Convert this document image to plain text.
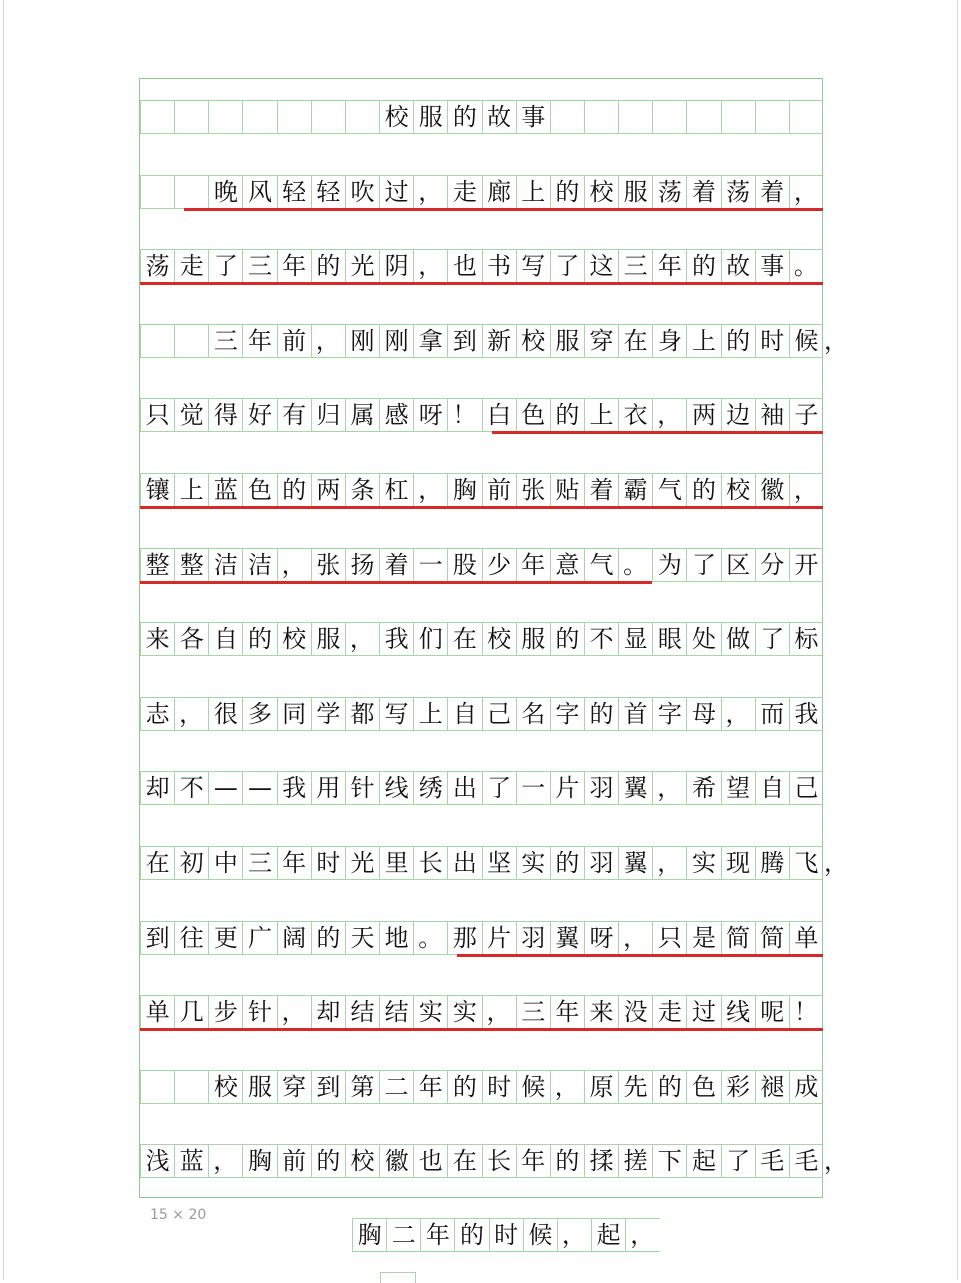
校 服 的 故 事
晚 风 轻 轻 吹 过 ， 走 廊 上 的 校 服 荡 着 荡 着 ，
荡 走 了 三 年 的 光 阴 ， 也 书 写 了 这 三 年 的 故 事 。
三 年 前 ， 刚 刚 拿 到 新 校 服 穿 在 身 上 的 时 候 ，
只 觉 得 好 有 归 属 感 呀 ！ 白 色 的 上 衣 ， 两 边 袖 子
镶 上 蓝 色 的 两 条 杠 ， 胸 前 张 贴 着 霸 气 的 校 徽 ，
整 整 洁 洁 ， 张 扬 着 一 股 少 年 意 气 。 为 了 区 分 开
来 各 自 的 校 服 ， 我 们 在 校 服 的 不 显 眼 处 做 了 标
志 ， 很 多 同 学 都 写 上 自 己 名 字 的 首 字 母 ， 而 我
却 不 — — 我 用 针 线 绣 出 了 一 片 羽 翼 ， 希 望 自 己
在 初 中 三 年 时 光 里 长 出 坚 实 的 羽 翼 ， 实 现 腾 飞 ，
到 往 更 广 阔 的 天 地 。 那 片 羽 翼 呀 ， 只 是 简 简 单
单 几 步 针 ， 却 结 结 实 实 ， 三 年 来 没 走 过 线 呢 ！
校 服 穿 到 第 二 年 的 时 候 ， 原 先 的 色 彩 褪 成
浅 蓝 ， 胸 前 的 校 徽 也 在 长 年 的 揉 搓 下 起 了 毛 毛 ，
15 × 20
胸 二 年 的 时 候 ， 起 ，
